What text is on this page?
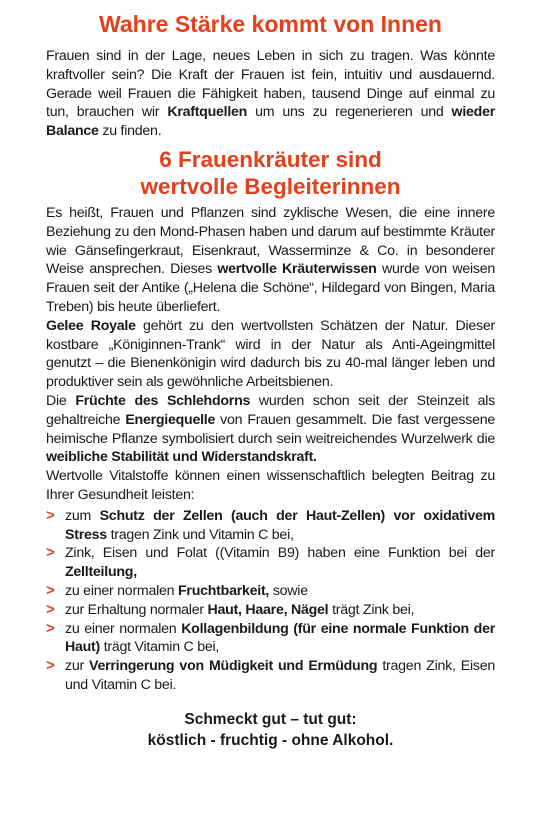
Wahre Stärke kommt von Innen

Frauen sind in der Lage, neues Leben in sich zu tragen. Was könnte kraftvoller sein? Die Kraft der Frauen ist fein, intuitiv und ausdauernd. Gerade weil Frauen die Fähigkeit haben, tausend Dinge auf einmal zu tun, brauchen wir Kraftquellen um uns zu regenerieren und wieder Balance zu finden.

6 Frauenkräuter sind
wertvolle Begleiterinnen

Es heißt, Frauen und Pflanzen sind zyklische Wesen, die eine innere Beziehung zu den Mond-Phasen haben und darum auf bestimmte Kräuter wie Gänsefingerkraut, Eisenkraut, Wasserminze & Co. in besonderer Weise ansprechen. Dieses wertvolle Kräuterwissen wurde von weisen Frauen seit der Antike („Helena die Schöne“, Hildegard von Bingen, Maria Treben) bis heute überliefert.

Gelee Royale gehört zu den wertvollsten Schätzen der Natur. Dieser kostbare „Königinnen-Trank“ wird in der Natur als Anti-Ageingmittel genutzt – die Bienenkönigin wird dadurch bis zu 40-mal länger leben und produktiver sein als gewöhnliche Arbeitsbienen.

Die Früchte des Schlehdorns wurden schon seit der Steinzeit als gehaltreiche Energiequelle von Frauen gesammelt. Die fast vergessene heimische Pflanze symbolisiert durch sein weitreichendes Wurzelwerk die weibliche Stabilität und Widerstandskraft.

Wertvolle Vitalstoffe können einen wissenschaftlich belegten Beitrag zu Ihrer Gesundheit leisten:

> zum Schutz der Zellen (auch der Haut-Zellen) vor oxidativem Stress tragen Zink und Vitamin C bei,
> Zink, Eisen und Folat ((Vitamin B9) haben eine Funktion bei der Zellteilung,
> zu einer normalen Fruchtbarkeit, sowie
> zur Erhaltung normaler Haut, Haare, Nägel trägt Zink bei,
> zu einer normalen Kollagenbildung (für eine normale Funktion der Haut) trägt Vitamin C bei,
> zur Verringerung von Müdigkeit und Ermüdung tragen Zink, Eisen und Vitamin C bei.
Schmeckt gut – tut gut:
köstlich - fruchtig - ohne Alkohol.
